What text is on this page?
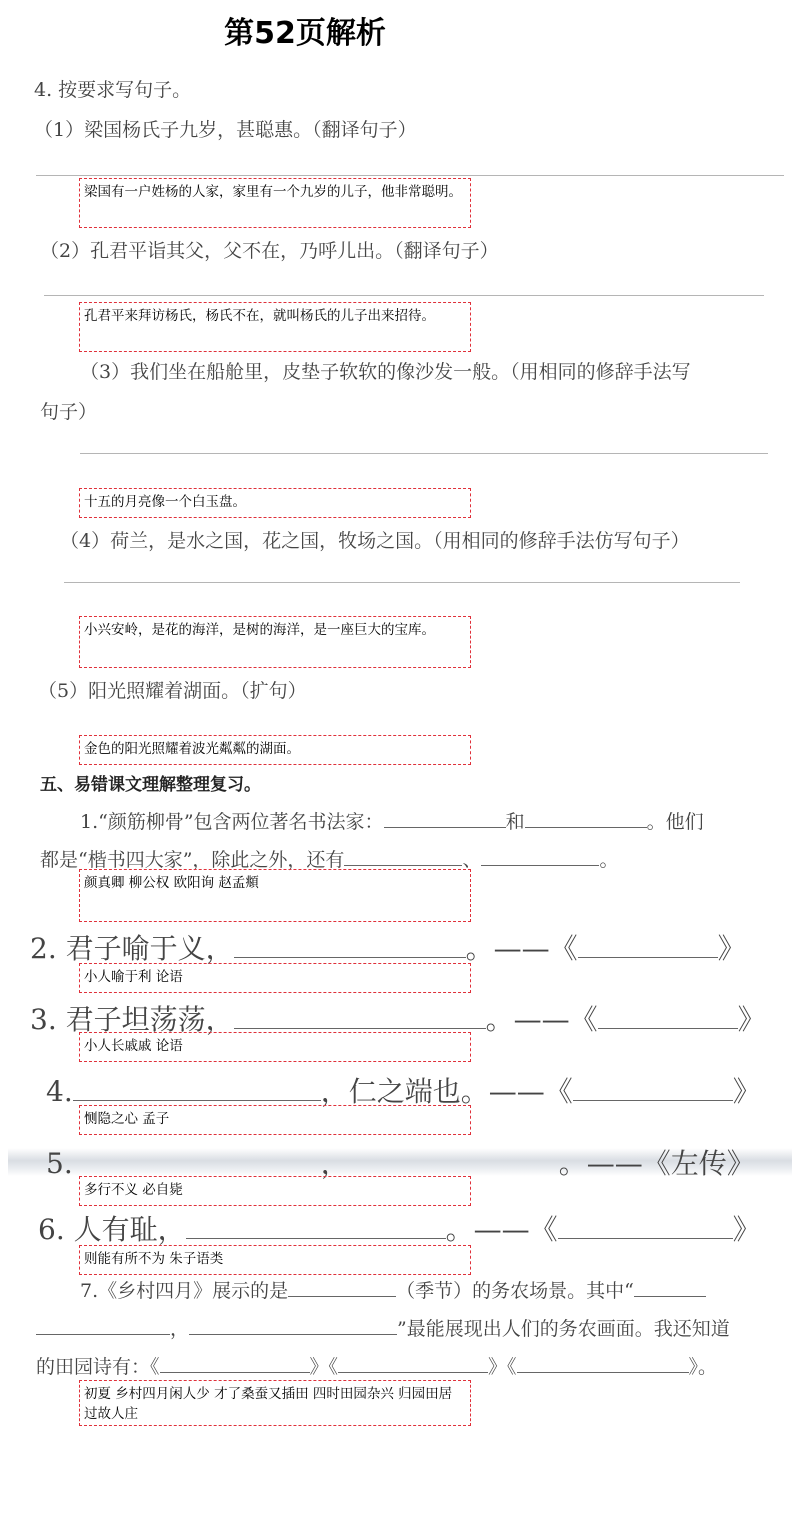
第52页解析
4. 按要求写句子。
（1）梁国杨氏子九岁，甚聪惠。（翻译句子）
梁国有一户姓杨的人家，家里有一个九岁的儿子，他非常聪明。
（2）孔君平诣其父，父不在，乃呼儿出。（翻译句子）
孔君平来拜访杨氏，杨氏不在，就叫杨氏的儿子出来招待。
（3）我们坐在船舱里，皮垫子软软的像沙发一般。（用相同的修辞手法写
句子）
十五的月亮像一个白玉盘。
（4）荷兰，是水之国，花之国，牧场之国。（用相同的修辞手法仿写句子）
小兴安岭，是花的海洋，是树的海洋，是一座巨大的宝库。
（5）阳光照耀着湖面。（扩句）
金色的阳光照耀着波光粼粼的湖面。
五、易错课文理解整理复习。
1.“颜筋柳骨”包含两位著名书法家：	和	。他们
都是“楷书四大家”，除此之外，还有	、	。
颜真卿 柳公权 欧阳询 赵孟頫
2. 君子喻于义，	。——《	》
小人喻于利 论语
3. 君子坦荡荡，	。——《	》
小人长戚戚 论语
4.	，仁之端也。——《	》
恻隐之心 孟子
5.	，	。——《左传》
多行不义 必自毙
6. 人有耻，	。——《	》
则能有所不为 朱子语类
7.《乡村四月》展示的是	（季节）的务农场景。其中“
，	”最能展现出人们的务农画面。我还知道
的田园诗有：《	》《	》《	》。
初夏 乡村四月闲人少 才了桑蚕又插田 四时田园杂兴 归园田居 过故人庄
